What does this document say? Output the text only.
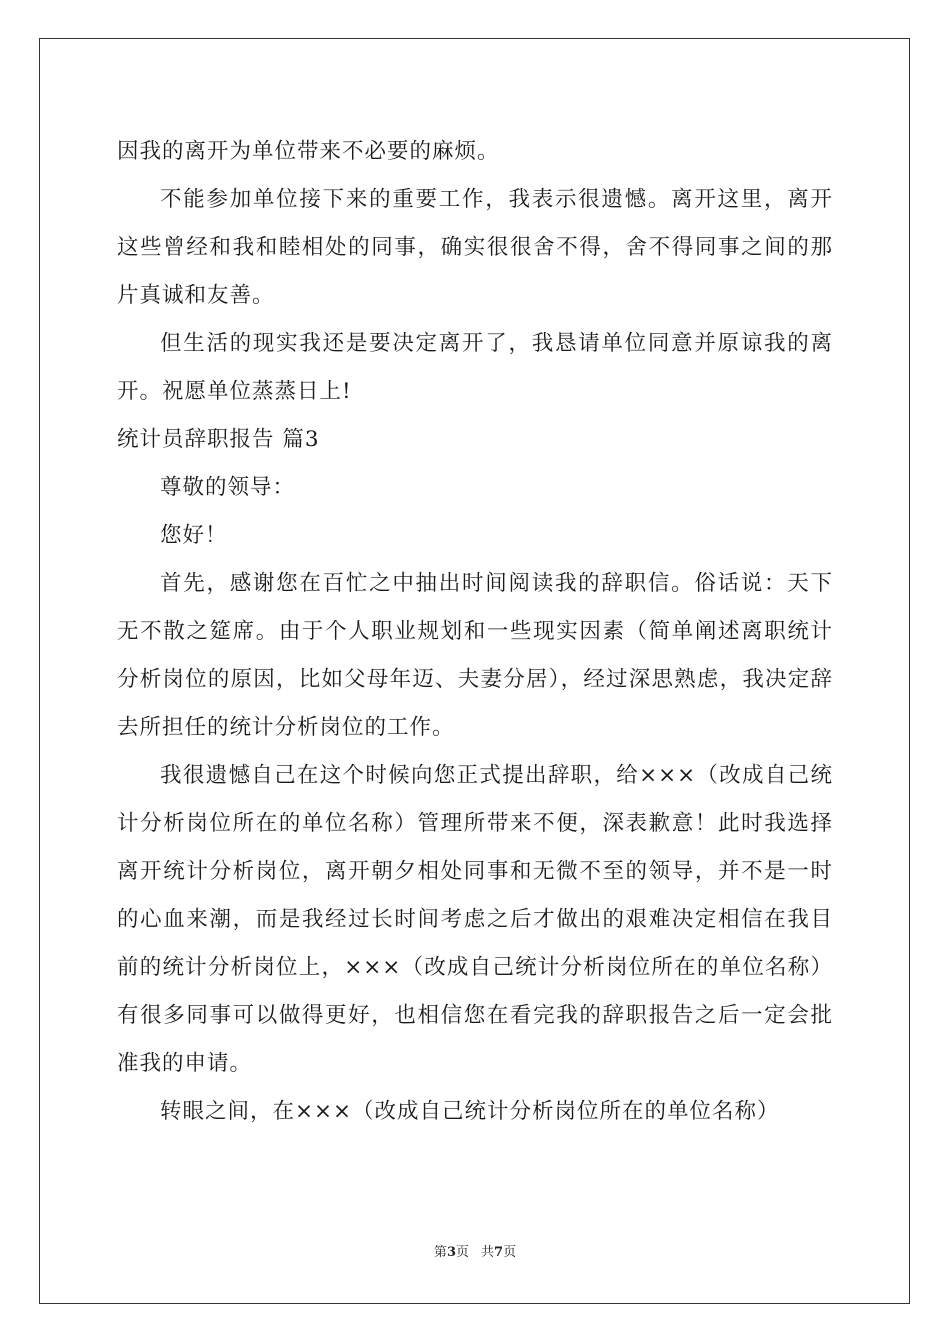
因我的离开为单位带来不必要的麻烦。

不能参加单位接下来的重要工作，我表示很遗憾。离开这里，离开这些曾经和我和睦相处的同事，确实很很舍不得，舍不得同事之间的那片真诚和友善。

但生活的现实我还是要决定离开了，我恳请单位同意并原谅我的离开。祝愿单位蒸蒸日上!

统计员辞职报告 篇3

尊敬的领导：

您好！

首先，感谢您在百忙之中抽出时间阅读我的辞职信。俗话说：天下无不散之筵席。由于个人职业规划和一些现实因素（简单阐述离职统计分析岗位的原因，比如父母年迈、夫妻分居），经过深思熟虑，我决定辞去所担任的统计分析岗位的工作。

我很遗憾自己在这个时候向您正式提出辞职，给×××（改成自己统计分析岗位所在的单位名称）管理所带来不便，深表歉意！此时我选择离开统计分析岗位，离开朝夕相处同事和无微不至的领导，并不是一时的心血来潮，而是我经过长时间考虑之后才做出的艰难决定相信在我目前的统计分析岗位上，×××（改成自己统计分析岗位所在的单位名称）有很多同事可以做得更好，也相信您在看完我的辞职报告之后一定会批准我的申请。

转眼之间，在×××（改成自己统计分析岗位所在的单位名称）

第3页 共7页
